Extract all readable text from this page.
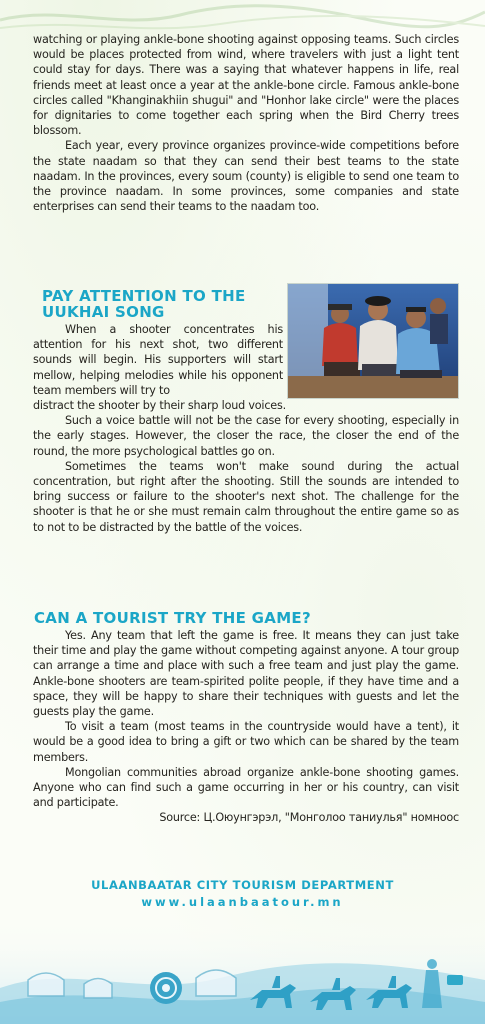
watching or playing ankle-bone shooting against opposing teams. Such circles would be places protected from wind, where travelers with just a light tent could stay for days. There was a saying that whatever happens in life, real friends meet at least once a year at the ankle-bone circle. Famous ankle-bone circles called "Khanginakhiin shugui" and "Honhor lake circle" were the places for dignitaries to come together each spring when the Bird Cherry trees blossom.

Each year, every province organizes province-wide competitions before the state naadam so that they can send their best teams to the state naadam. In the provinces, every soum (county) is eligible to send one team to the province naadam. In some provinces, some companies and state enterprises can send their teams to the naadam too.

PAY ATTENTION TO THE UUKHAI SONG

When a shooter concentrates his attention for his next shot, two different sounds will begin. His supporters will start mellow, helping melodies while his opponent team members will try to

distract the shooter by their sharp loud voices.

Such a voice battle will not be the case for every shooting, especially in the early stages. However, the closer the race, the closer the end of the round, the more psychological battles go on.

Sometimes the teams won't make sound during the actual concentration, but right after the shooting. Still the sounds are intended to bring success or failure to the shooter's next shot. The challenge for the shooter is that he or she must remain calm throughout the entire game so as to not to be distracted by the battle of the voices.

CAN A TOURIST TRY THE GAME?

Yes. Any team that left the game is free. It means they can just take their time and play the game without competing against anyone. A tour group can arrange a time and place with such a free team and just play the game. Ankle-bone shooters are team-spirited polite people, if they have time and a space, they will be happy to share their techniques with guests and let the guests play the game.

To visit a team (most teams in the countryside would have a tent), it would be a good idea to bring a gift or two which can be shared by the team members.

Mongolian communities abroad organize ankle-bone shooting games. Anyone who can find such a game occurring in her or his country, can visit and participate.

Source: Ц.Оюунгэрэл, "Монголоо таниулья" номноос

ULAANBAATAR CITY TOURISM DEPARTMENT

www.ulaanbaatour.mn
